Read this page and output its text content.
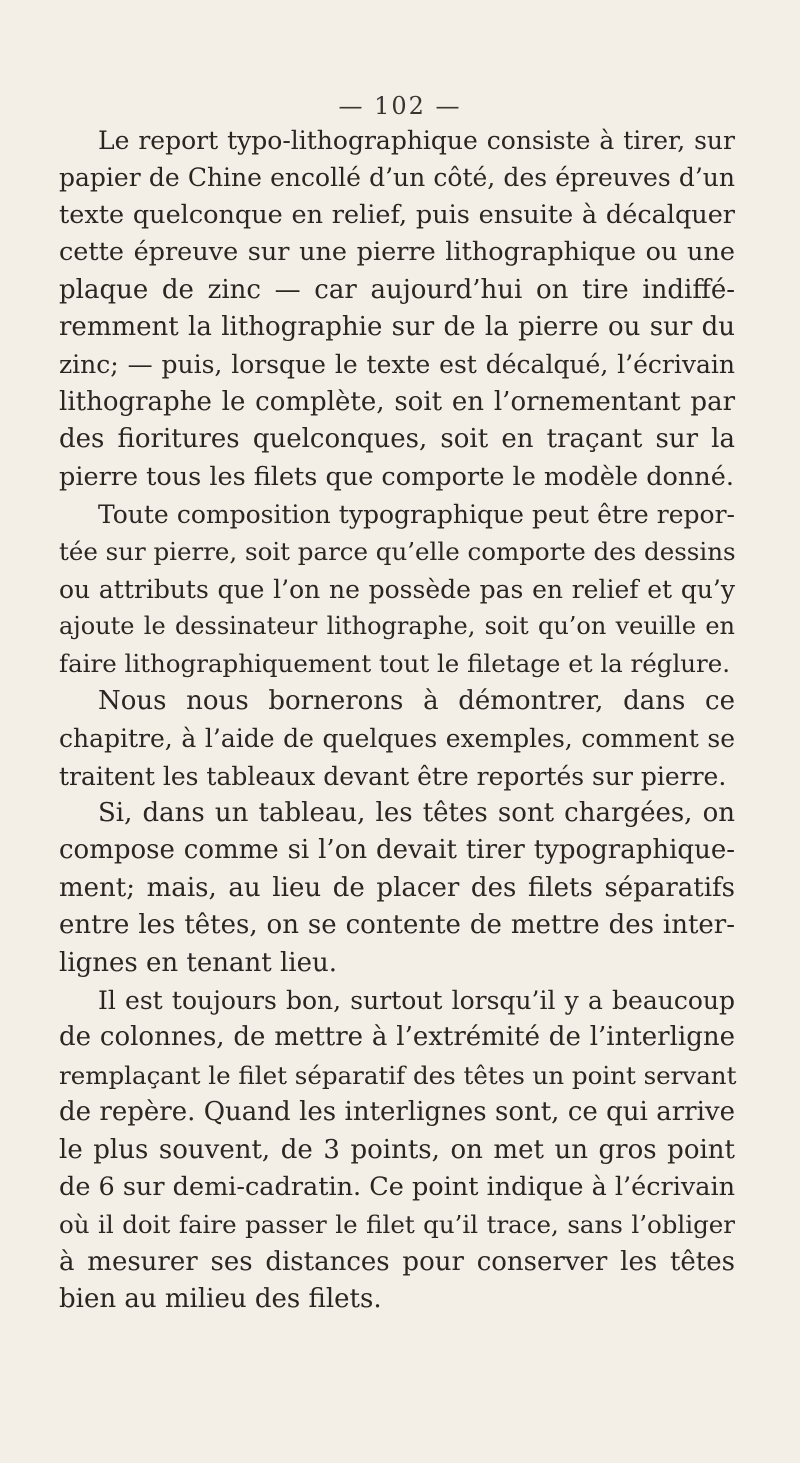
— 102 —
Le report typo-lithographique consiste à tirer, sur
papier de Chine encollé d’un côté, des épreuves d’un
texte quelconque en relief, puis ensuite à décalquer
cette épreuve sur une pierre lithographique ou une
plaque de zinc — car aujourd’hui on tire indiffé-
remment la lithographie sur de la pierre ou sur du
zinc; — puis, lorsque le texte est décalqué, l’écrivain
lithographe le complète, soit en l’ornementant par
des fioritures quelconques, soit en traçant sur la
pierre tous les filets que comporte le modèle donné.
Toute composition typographique peut être repor-
tée sur pierre, soit parce qu’elle comporte des dessins
ou attributs que l’on ne possède pas en relief et qu’y
ajoute le dessinateur lithographe, soit qu’on veuille en
faire lithographiquement tout le filetage et la réglure.
Nous nous bornerons à démontrer, dans ce
chapitre, à l’aide de quelques exemples, comment se
traitent les tableaux devant être reportés sur pierre.
Si, dans un tableau, les têtes sont chargées, on
compose comme si l’on devait tirer typographique-
ment; mais, au lieu de placer des filets séparatifs
entre les têtes, on se contente de mettre des inter-
lignes en tenant lieu.
Il est toujours bon, surtout lorsqu’il y a beaucoup
de colonnes, de mettre à l’extrémité de l’interligne
remplaçant le filet séparatif des têtes un point servant
de repère. Quand les interlignes sont, ce qui arrive
le plus souvent, de 3 points, on met un gros point
de 6 sur demi-cadratin. Ce point indique à l’écrivain
où il doit faire passer le filet qu’il trace, sans l’obliger
à mesurer ses distances pour conserver les têtes
bien au milieu des filets.
